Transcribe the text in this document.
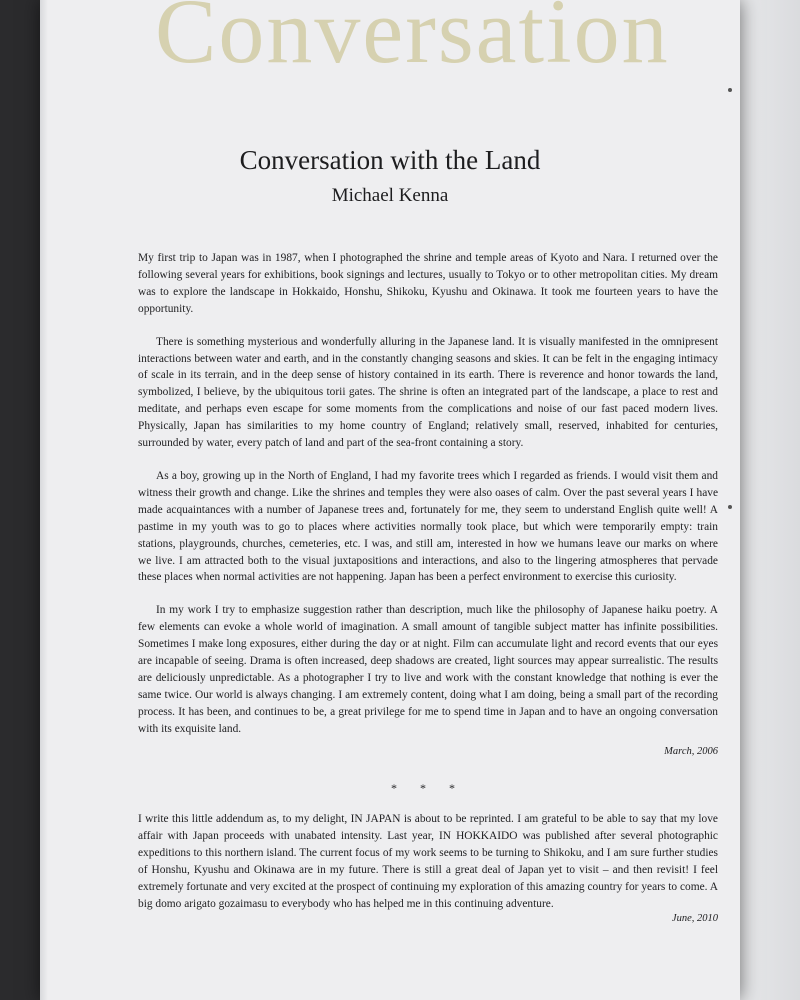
Conversation
Conversation with the Land
Michael Kenna

My first trip to Japan was in 1987, when I photographed the shrine and temple areas of Kyoto and Nara. I returned over the following several years for exhibitions, book signings and lectures, usually to Tokyo or to other metropolitan cities. My dream was to explore the landscape in Hokkaido, Honshu, Shikoku, Kyushu and Okinawa. It took me fourteen years to have the opportunity.

There is something mysterious and wonderfully alluring in the Japanese land. It is visually manifested in the omnipresent interactions between water and earth, and in the constantly changing seasons and skies. It can be felt in the engaging intimacy of scale in its terrain, and in the deep sense of history contained in its earth. There is reverence and honor towards the land, symbolized, I believe, by the ubiquitous torii gates. The shrine is often an integrated part of the landscape, a place to rest and meditate, and perhaps even escape for some moments from the complications and noise of our fast paced modern lives. Physically, Japan has similarities to my home country of England; relatively small, reserved, inhabited for centuries, surrounded by water, every patch of land and part of the sea-front containing a story.

As a boy, growing up in the North of England, I had my favorite trees which I regarded as friends. I would visit them and witness their growth and change. Like the shrines and temples they were also oases of calm. Over the past several years I have made acquaintances with a number of Japanese trees and, fortunately for me, they seem to understand English quite well! A pastime in my youth was to go to places where activities normally took place, but which were temporarily empty: train stations, playgrounds, churches, cemeteries, etc. I was, and still am, interested in how we humans leave our marks on where we live. I am attracted both to the visual juxtapositions and interactions, and also to the lingering atmospheres that pervade these places when normal activities are not happening. Japan has been a perfect environment to exercise this curiosity.

In my work I try to emphasize suggestion rather than description, much like the philosophy of Japanese haiku poetry. A few elements can evoke a whole world of imagination. A small amount of tangible subject matter has infinite possibilities. Sometimes I make long exposures, either during the day or at night. Film can accumulate light and record events that our eyes are incapable of seeing. Drama is often increased, deep shadows are created, light sources may appear surrealistic. The results are deliciously unpredictable. As a photographer I try to live and work with the constant knowledge that nothing is ever the same twice. Our world is always changing. I am extremely content, doing what I am doing, being a small part of the recording process. It has been, and continues to be, a great privilege for me to spend time in Japan and to have an ongoing conversation with its exquisite land.

March, 2006
* * *

I write this little addendum as, to my delight, IN JAPAN is about to be reprinted. I am grateful to be able to say that my love affair with Japan proceeds with unabated intensity. Last year, IN HOKKAIDO was published after several photographic expeditions to this northern island. The current focus of my work seems to be turning to Shikoku, and I am sure further studies of Honshu, Kyushu and Okinawa are in my future. There is still a great deal of Japan yet to visit – and then revisit! I feel extremely fortunate and very excited at the prospect of continuing my exploration of this amazing country for years to come. A big domo arigato gozaimasu to everybody who has helped me in this continuing adventure.

June, 2010
